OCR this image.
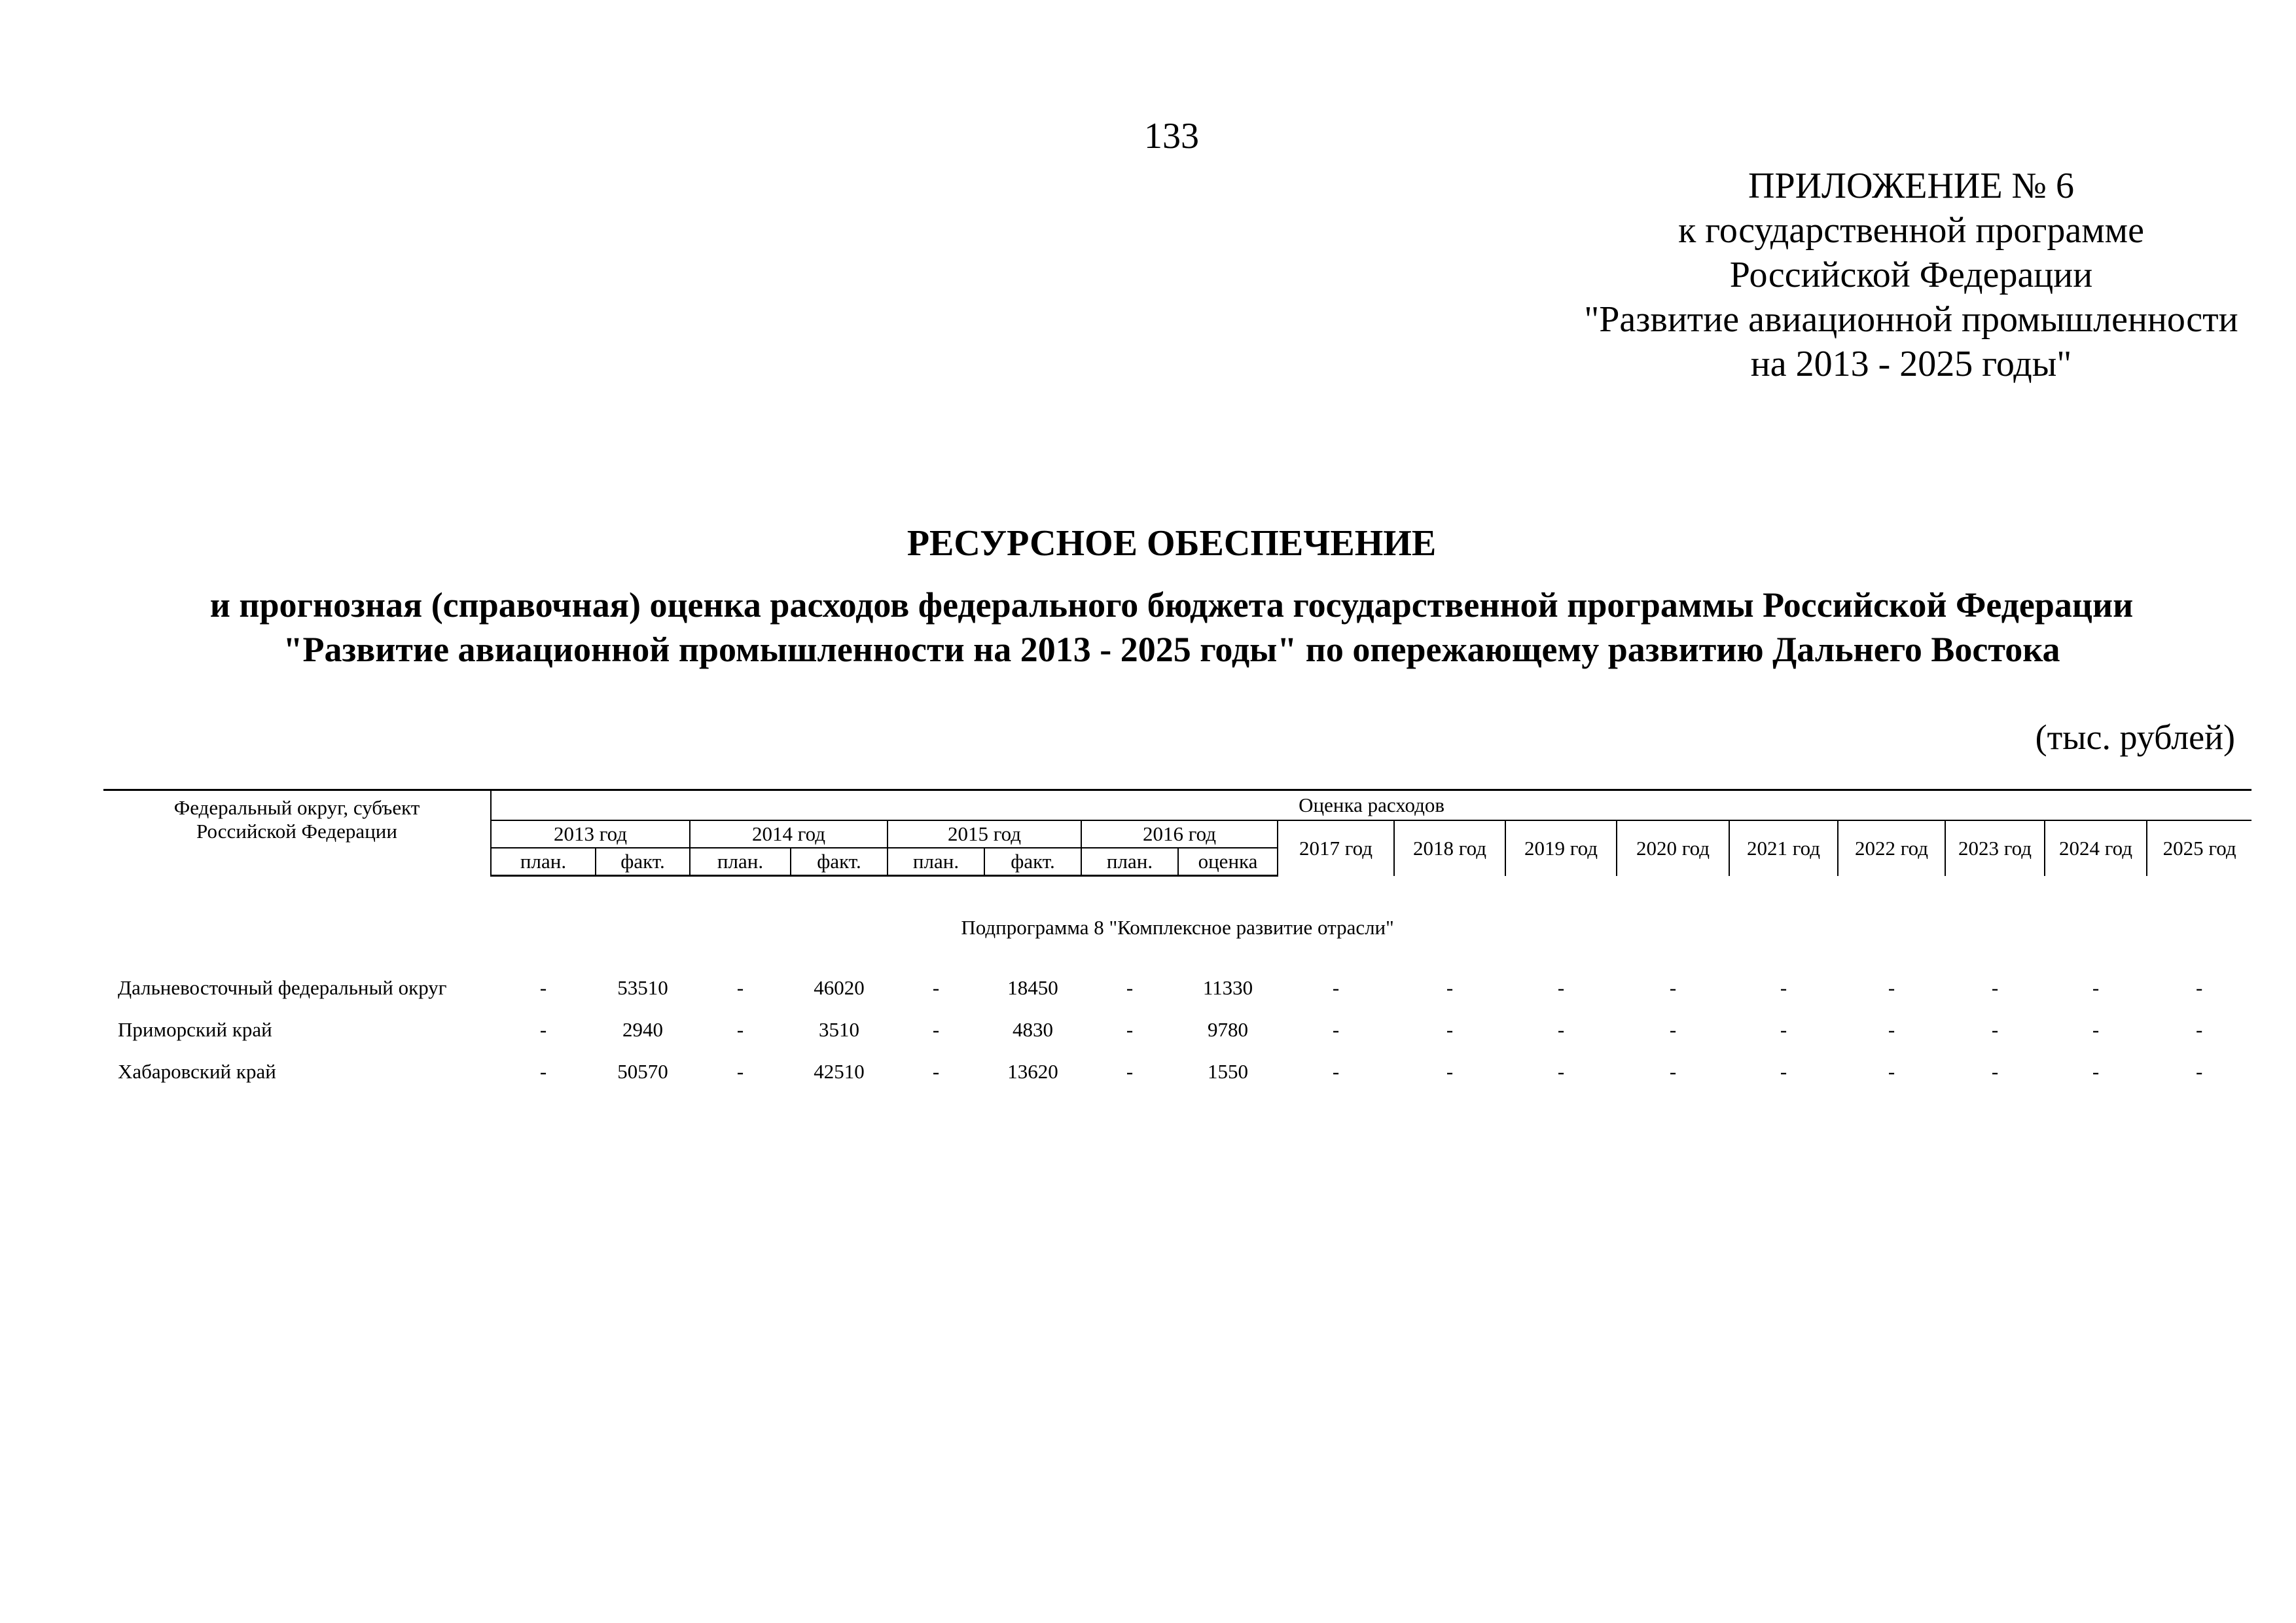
133
ПРИЛОЖЕНИЕ № 6
к государственной программе
Российской Федерации
"Развитие авиационной промышленности
на 2013 - 2025 годы"
РЕСУРСНОЕ ОБЕСПЕЧЕНИЕ
и прогнозная (справочная) оценка расходов федерального бюджета государственной программы Российской Федерации
"Развитие авиационной промышленности на 2013 - 2025 годы" по опережающему развитию Дальнего Востока
(тыс. рублей)
Федеральный округ, субъект
Российской Федерации	Оценка расходов																
	2013 год		2014 год		2015 год		2016 год		2017 год	2018 год	2019 год	2020 год	2021 год	2022 год	2023 год	2024 год	2025 год
	план.	факт.	план.	факт.	план.	факт.	план.	оценка									
Подпрограмма 8 "Комплексное развитие отрасли"																	
Дальневосточный федеральный округ	-	53510	-	46020	-	18450	-	11330	-	-	-	-	-	-	-	-	-
Приморский край	-	2940	-	3510	-	4830	-	9780	-	-	-	-	-	-	-	-	-
Хабаровский край	-	50570	-	42510	-	13620	-	1550	-	-	-	-	-	-	-	-	-
